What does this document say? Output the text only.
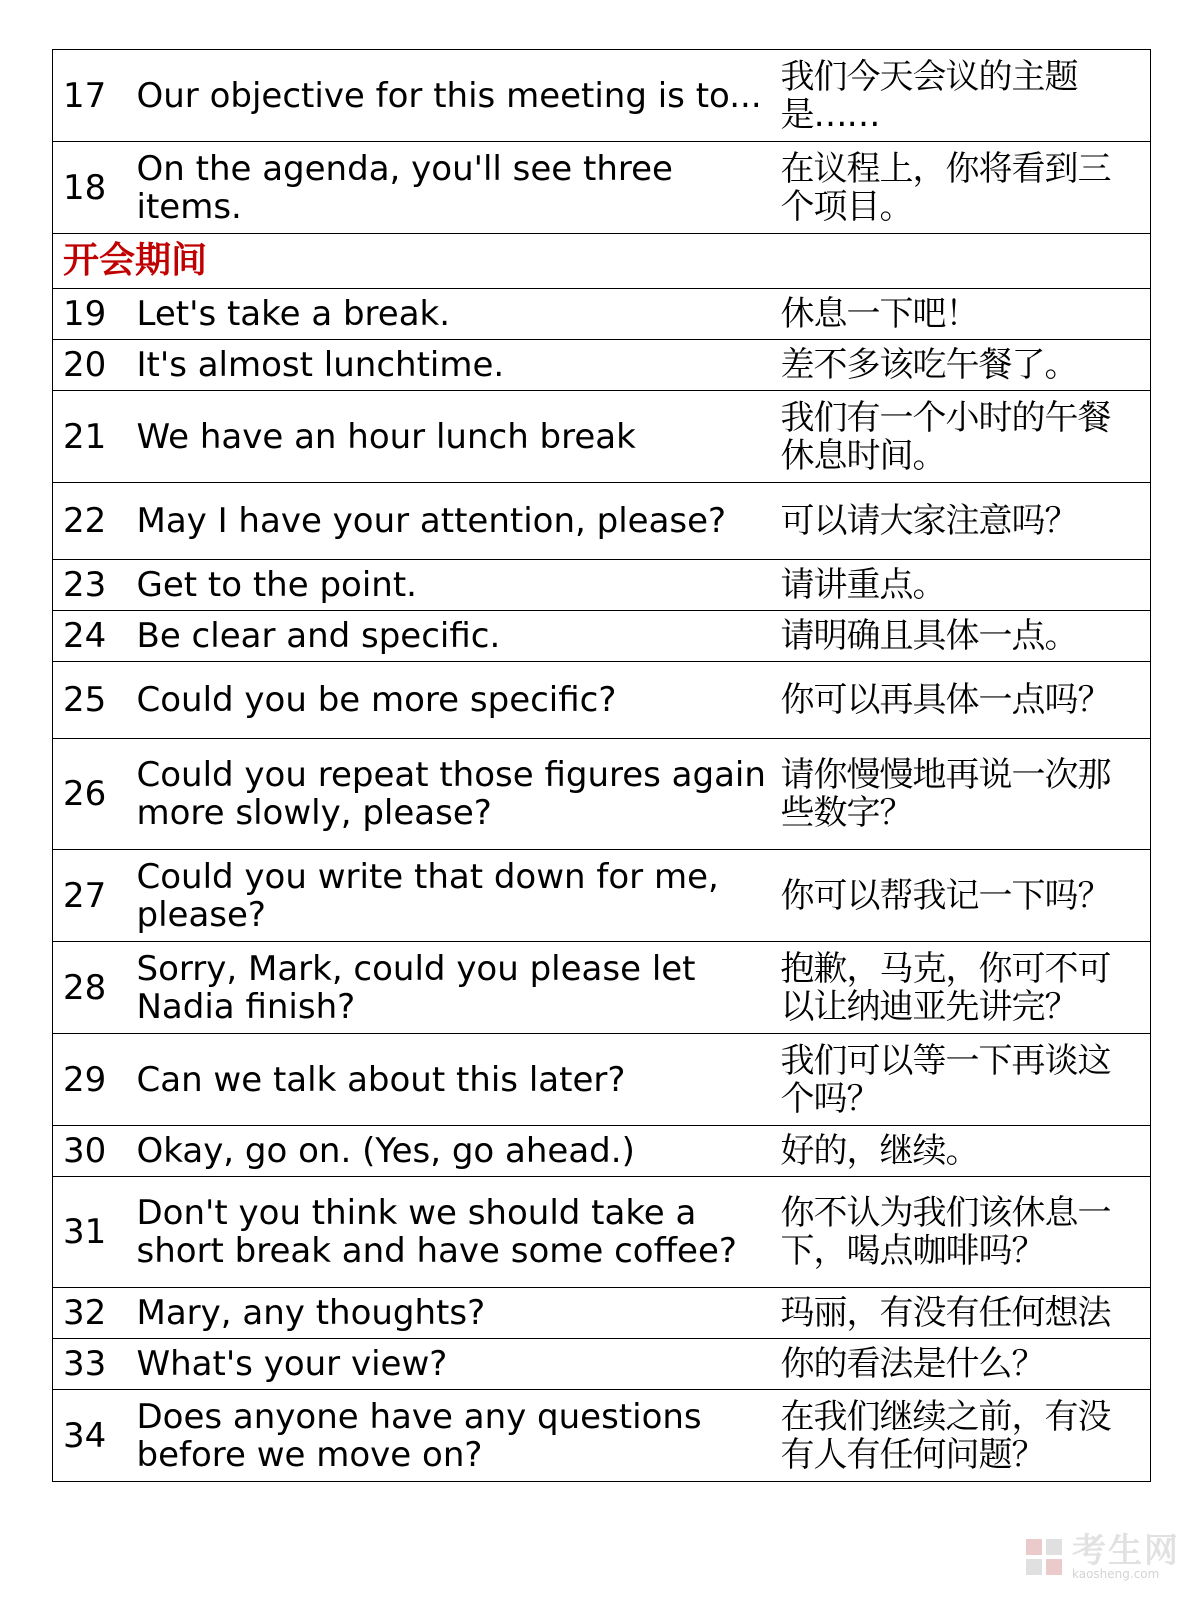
17	Our objective for this meeting is to...	我们今天会议的主题是……
18	On the agenda, you'll see three items.	在议程上，你将看到三个项目。
开会期间		
19	Let's take a break.	休息一下吧！
20	It's almost lunchtime.	差不多该吃午餐了。
21	We have an hour lunch break	我们有一个小时的午餐休息时间。
22	May I have your attention, please?	可以请大家注意吗？
23	Get to the point.	请讲重点。
24	Be clear and specific.	请明确且具体一点。
25	Could you be more specific?	你可以再具体一点吗？
26	Could you repeat those figures again more slowly, please?	请你慢慢地再说一次那些数字？
27	Could you write that down for me, please?	你可以帮我记一下吗？
28	Sorry, Mark, could you please let Nadia finish?	抱歉，马克，你可不可以让纳迪亚先讲完？
29	Can we talk about this later?	我们可以等一下再谈这个吗？
30	Okay, go on. (Yes, go ahead.)	好的，继续。
31	Don't you think we should take a short break and have some coffee?	你不认为我们该休息一下，喝点咖啡吗？
32	Mary, any thoughts?	玛丽，有没有任何想法
33	What's your view?	你的看法是什么？
34	Does anyone have any questions before we move on?	在我们继续之前，有没有人有任何问题？
考生网
kaosheng.com
